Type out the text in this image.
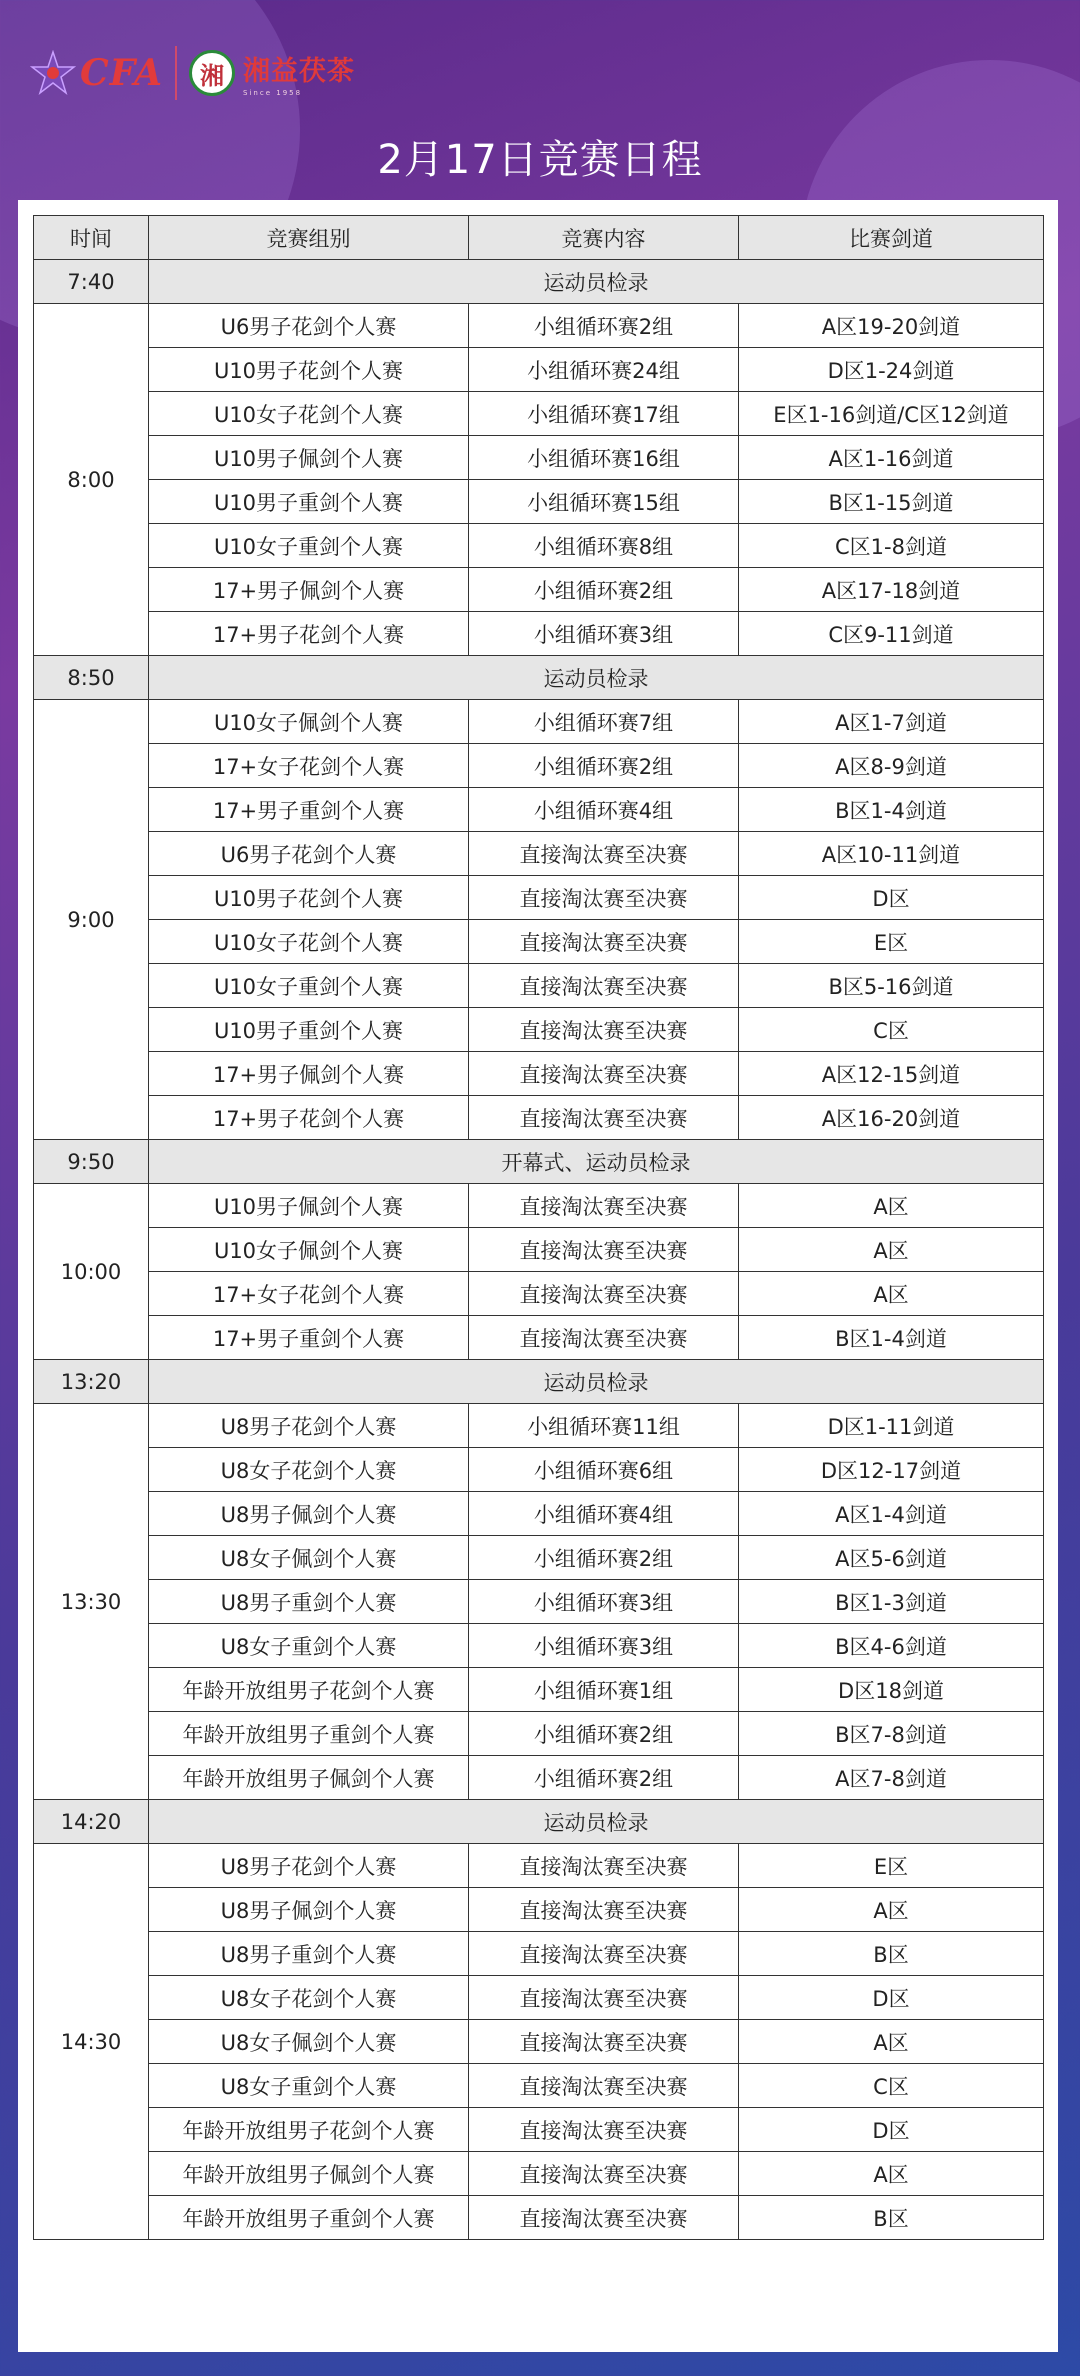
CFA	湘 湘益茯茶
Since 1958
2月17日竞赛日程
时间	竞赛组别	竞赛内容	比赛剑道
7:40	运动员检录		
8:00	U6男子花剑个人赛	小组循环赛2组	A区19-20剑道
	U10男子花剑个人赛	小组循环赛24组	D区1-24剑道
	U10女子花剑个人赛	小组循环赛17组	E区1-16剑道/C区12剑道
	U10男子佩剑个人赛	小组循环赛16组	A区1-16剑道
	U10男子重剑个人赛	小组循环赛15组	B区1-15剑道
	U10女子重剑个人赛	小组循环赛8组	C区1-8剑道
	17+男子佩剑个人赛	小组循环赛2组	A区17-18剑道
	17+男子花剑个人赛	小组循环赛3组	C区9-11剑道
8:50	运动员检录		
9:00	U10女子佩剑个人赛	小组循环赛7组	A区1-7剑道
	17+女子花剑个人赛	小组循环赛2组	A区8-9剑道
	17+男子重剑个人赛	小组循环赛4组	B区1-4剑道
	U6男子花剑个人赛	直接淘汰赛至决赛	A区10-11剑道
	U10男子花剑个人赛	直接淘汰赛至决赛	D区
	U10女子花剑个人赛	直接淘汰赛至决赛	E区
	U10女子重剑个人赛	直接淘汰赛至决赛	B区5-16剑道
	U10男子重剑个人赛	直接淘汰赛至决赛	C区
	17+男子佩剑个人赛	直接淘汰赛至决赛	A区12-15剑道
	17+男子花剑个人赛	直接淘汰赛至决赛	A区16-20剑道
9:50	开幕式、运动员检录		
10:00	U10男子佩剑个人赛	直接淘汰赛至决赛	A区
	U10女子佩剑个人赛	直接淘汰赛至决赛	A区
	17+女子花剑个人赛	直接淘汰赛至决赛	A区
	17+男子重剑个人赛	直接淘汰赛至决赛	B区1-4剑道
13:20	运动员检录		
13:30	U8男子花剑个人赛	小组循环赛11组	D区1-11剑道
	U8女子花剑个人赛	小组循环赛6组	D区12-17剑道
	U8男子佩剑个人赛	小组循环赛4组	A区1-4剑道
	U8女子佩剑个人赛	小组循环赛2组	A区5-6剑道
	U8男子重剑个人赛	小组循环赛3组	B区1-3剑道
	U8女子重剑个人赛	小组循环赛3组	B区4-6剑道
	年龄开放组男子花剑个人赛	小组循环赛1组	D区18剑道
	年龄开放组男子重剑个人赛	小组循环赛2组	B区7-8剑道
	年龄开放组男子佩剑个人赛	小组循环赛2组	A区7-8剑道
14:20	运动员检录		
14:30	U8男子花剑个人赛	直接淘汰赛至决赛	E区
	U8男子佩剑个人赛	直接淘汰赛至决赛	A区
	U8男子重剑个人赛	直接淘汰赛至决赛	B区
	U8女子花剑个人赛	直接淘汰赛至决赛	D区
	U8女子佩剑个人赛	直接淘汰赛至决赛	A区
	U8女子重剑个人赛	直接淘汰赛至决赛	C区
	年龄开放组男子花剑个人赛	直接淘汰赛至决赛	D区
	年龄开放组男子佩剑个人赛	直接淘汰赛至决赛	A区
	年龄开放组男子重剑个人赛	直接淘汰赛至决赛	B区
